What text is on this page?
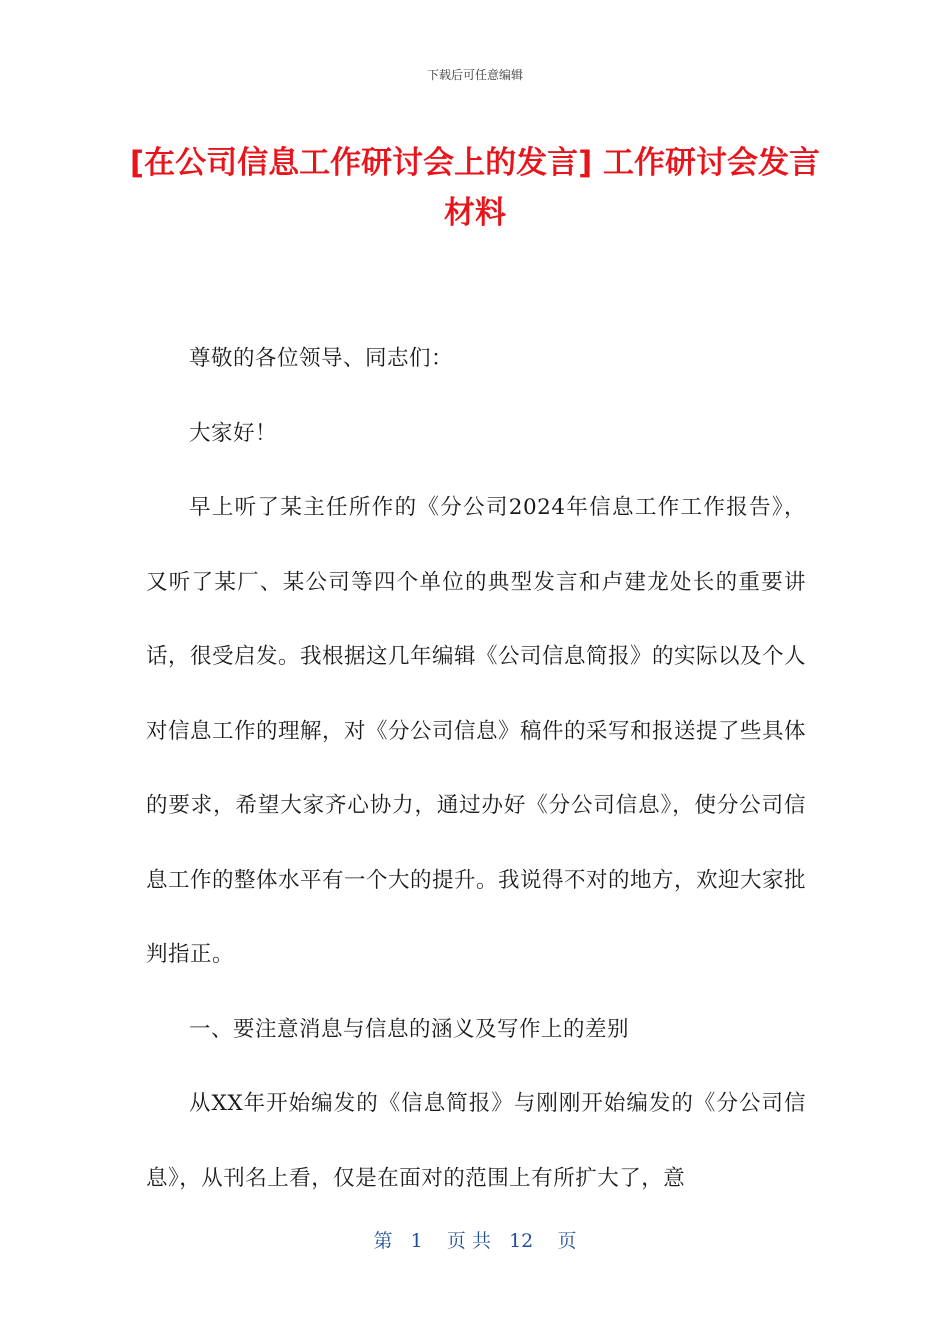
下载后可任意编辑
[在公司信息工作研讨会上的发言] 工作研讨会发言材料

尊敬的各位领导、同志们：

大家好！

早上听了某主任所作的《分公司2024年信息工作工作报告》，又听了某厂、某公司等四个单位的典型发言和卢建龙处长的重要讲话，很受启发。我根据这几年编辑《公司信息简报》的实际以及个人对信息工作的理解，对《分公司信息》稿件的采写和报送提了些具体的要求，希望大家齐心协力，通过办好《分公司信息》，使分公司信息工作的整体水平有一个大的提升。我说得不对的地方，欢迎大家批判指正。

一、要注意消息与信息的涵义及写作上的差别

从XX年开始编发的《信息简报》与刚刚开始编发的《分公司信息》，从刊名上看，仅是在面对的范围上有所扩大了，意

第 1 页 共 12 页
